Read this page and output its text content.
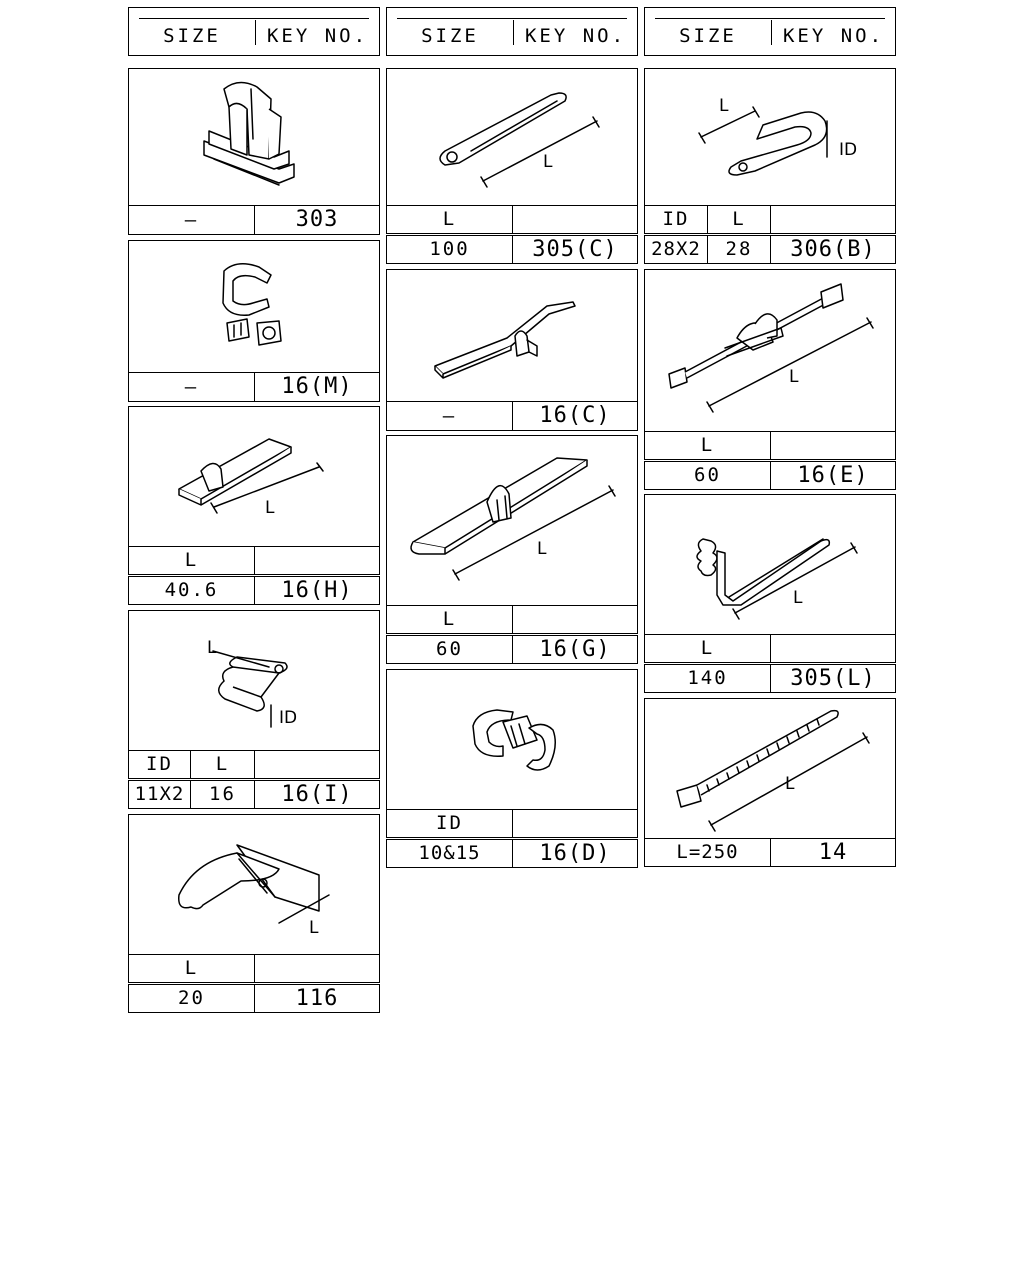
SIZE	KEY NO.	SIZE	KEY NO.	SIZE	KEY NO.
—	303
—	16(M)
L
L
40.6	16(H)
L
ID
ID	L
11X2	16	16(I)
L
L
20	116
L
L
100	305(C)
—	16(C)
L
L
60	16(G)
ID
10&15	16(D)
L
ID
ID	L
28X2	28	306(B)
L
L
60	16(E)
L
L
140	305(L)
L
L=250	14
